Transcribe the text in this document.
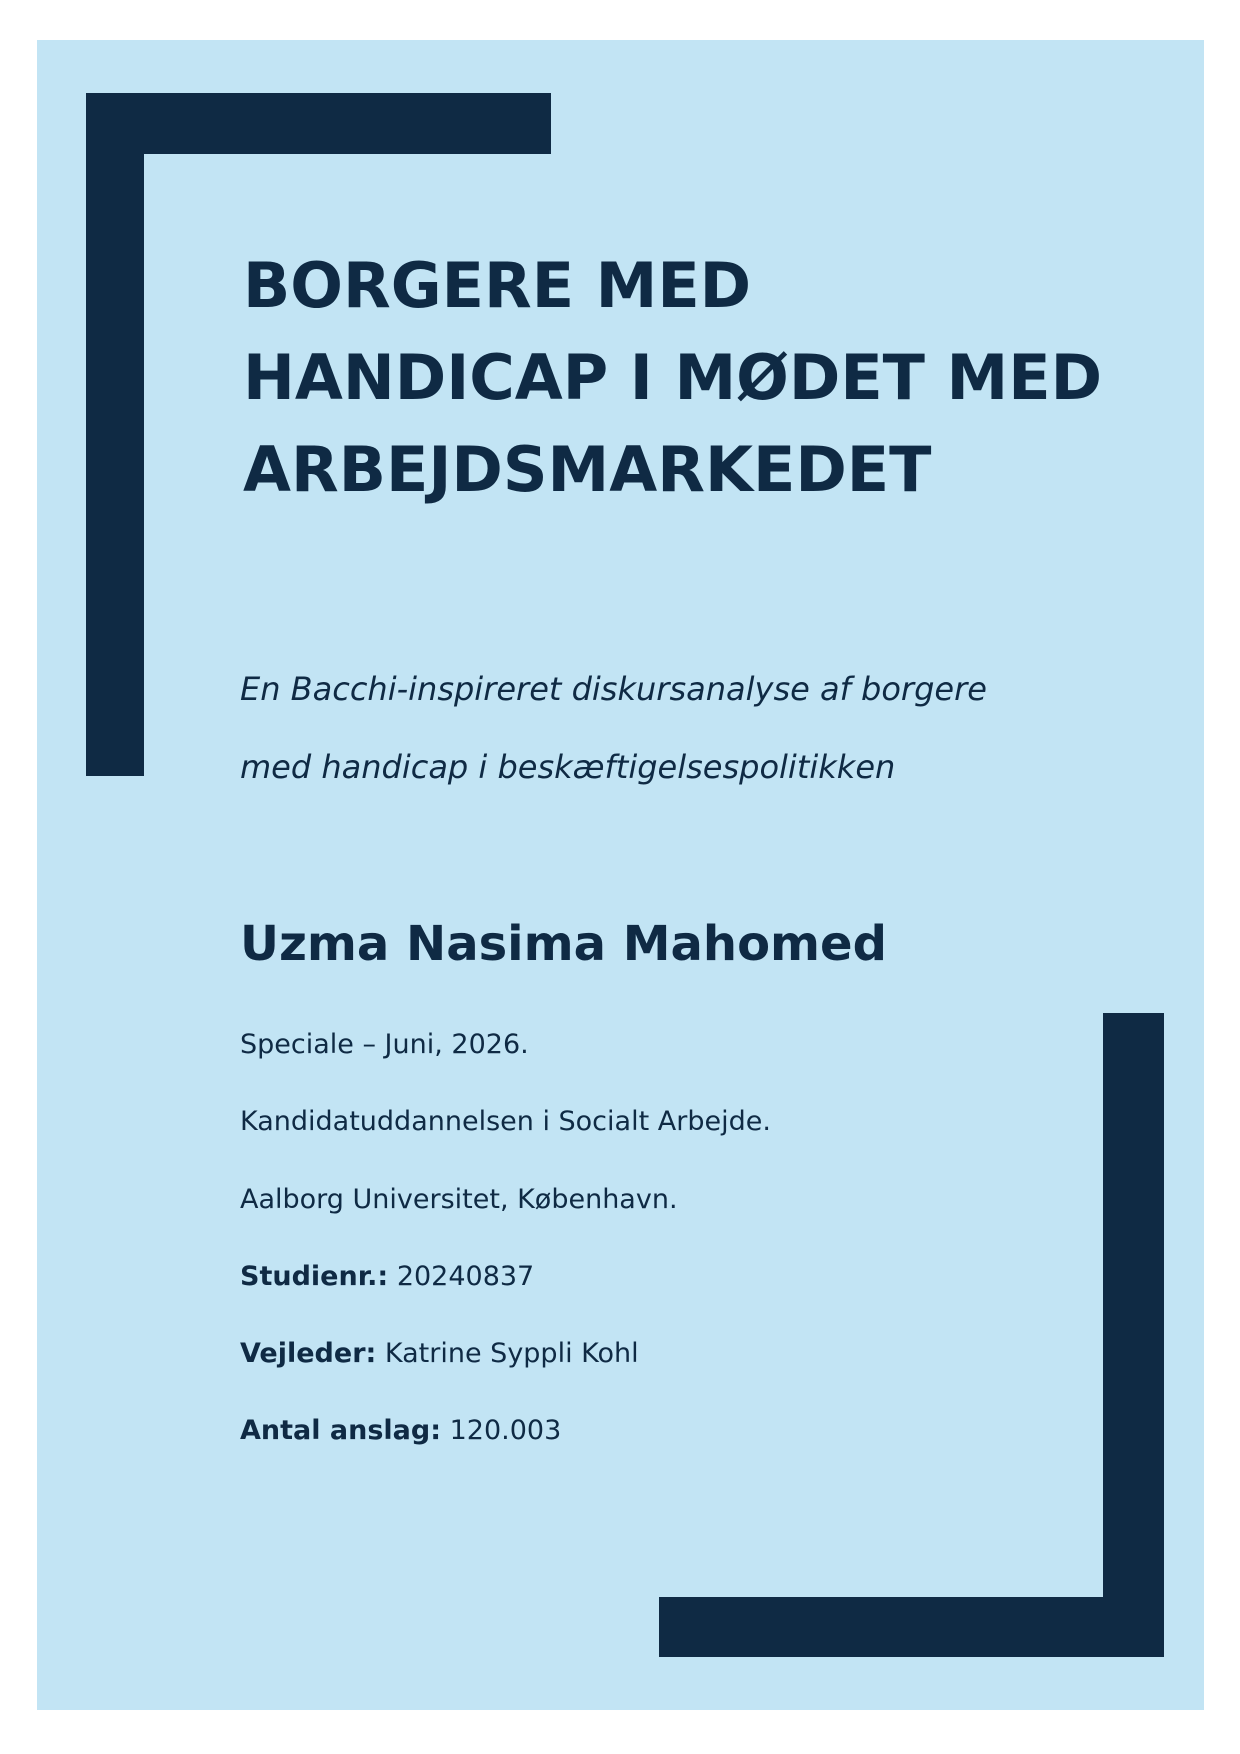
BORGERE MED
HANDICAP I MØDET MED
ARBEJDSMARKEDET

En Bacchi-inspireret diskursanalyse af borgere
med handicap i beskæftigelsespolitikken

Uzma Nasima Mahomed

Speciale – Juni, 2026.

Kandidatuddannelsen i Socialt Arbejde.

Aalborg Universitet, København.

Studienr.: 20240837

Vejleder: Katrine Syppli Kohl

Antal anslag: 120.003
